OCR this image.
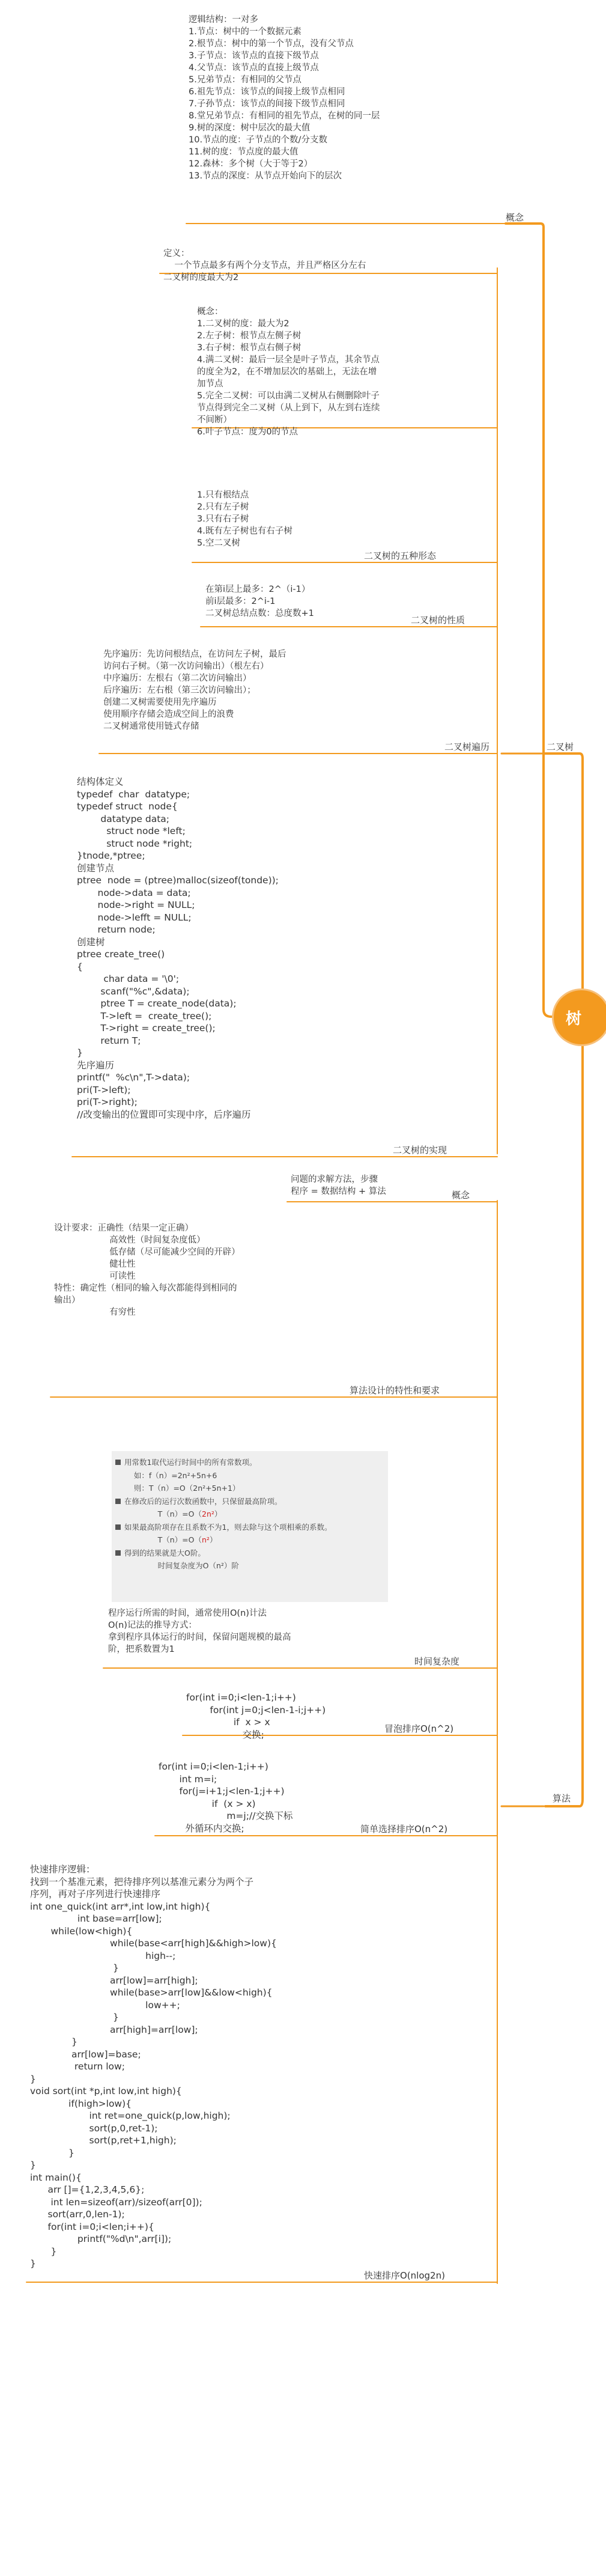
树
概念
二叉树
算法
逻辑结构：一对多
1.节点：树中的一个数据元素
2.根节点：树中的第一个节点，没有父节点
3.子节点：该节点的直接下级节点
4.父节点：该节点的直接上级节点
5.兄弟节点：有相同的父节点
6.祖先节点：该节点的间接上级节点相同
7.子孙节点：该节点的间接下级节点相同
8.堂兄弟节点：有相同的祖先节点，在树的同一层
9.树的深度：树中层次的最大值
10.节点的度：子节点的个数/分支数
11.树的度：节点度的最大值
12.森林：多个树（大于等于2）
13.节点的深度：从节点开始向下的层次
定义：
一个节点最多有两个分支节点，并且严格区分左右
二叉树的度最大为2
概念：
1.二叉树的度：最大为2
2.左子树：根节点左侧子树
3.右子树：根节点右侧子树
4.满二叉树：最后一层全是叶子节点，其余节点
的度全为2，在不增加层次的基础上，无法在增
加节点
5.完全二叉树：可以由满二叉树从右侧删除叶子
节点得到完全二叉树（从上到下，从左到右连续
不间断）
6.叶子节点：度为0的节点
1.只有根结点
2.只有左子树
3.只有右子树
4.既有左子树也有右子树
5.空二叉树
二叉树的五种形态
在第i层上最多：2^（i-1）
前i层最多：2^i-1
二叉树总结点数：总度数+1
二叉树的性质
先序遍历：先访问根结点，在访问左子树，最后
访问右子树。（第一次访问输出）（根左右）
中序遍历：左根右（第二次访问输出）
后序遍历：左右根（第三次访问输出）；
创建二叉树需要使用先序遍历
使用顺序存储会造成空间上的浪费
二叉树通常使用链式存储
二叉树遍历
结构体定义
typedef  char  datatype;
typedef struct  node{
datatype data;
struct node *left;
struct node *right;
}tnode,*ptree;
创建节点
ptree  node = (ptree)malloc(sizeof(tonde));
node->data = data;
node->right = NULL;
node->lefft = NULL;
return node;
创建树
ptree create_tree()
{
char data = '\0';
scanf("%c",&data);
ptree T = create_node(data);
T->left =  create_tree();
T->right = create_tree();
return T;
}
先序遍历
printf("  %c\n",T->data);
pri(T->left);
pri(T->right);
//改变输出的位置即可实现中序，后序遍历
二叉树的实现
问题的求解方法，步骤
程序 = 数据结构 + 算法	概念
设计要求：正确性（结果一定正确）
高效性（时间复杂度低）
低存储（尽可能减少空间的开辟）
健壮性
可读性
特性：确定性（相同的输入每次都能得到相同的
输出）
有穷性
算法设计的特性和要求
用常数1取代运行时间中的所有常数项。
如：f（n）=2n²+5n+6
则：T（n）=O（2n²+5n+1）
在修改后的运行次数函数中，只保留最高阶项。
T（n）=O（2n²）
如果最高阶项存在且系数不为1，则去除与这个项相乘的系数。
T（n）=O（n²）
得到的结果就是大O阶。
时间复杂度为O（n²）阶
程序运行所需的时间，通常使用O(n)计法
O(n)记法的推导方式：
拿到程序具体运行的时间，保留问题规模的最高
阶，把系数置为1
时间复杂度
for(int i=0;i<len-1;i++)
for(int j=0;j<len-1-i;j++)
if  x > x
交换;
冒泡排序O(n^2)
for(int i=0;i<len-1;i++)
int m=i;
for(j=i+1;j<len-1;j++)
if  (x > x)
m=j;//交换下标
外循环内交换;	简单选择排序O(n^2)
快速排序逻辑：
找到一个基准元素，把待排序列以基准元素分为两个子
序列，再对子序列进行快速排序
int one_quick(int arr*,int low,int high){
int base=arr[low];
while(low<high){
while(base<arr[high]&&high>low){
high--;
}
arr[low]=arr[high];
while(base>arr[low]&&low<high){
low++;
}
arr[high]=arr[low];
}
arr[low]=base;
return low;
}
void sort(int *p,int low,int high){
if(high>low){
int ret=one_quick(p,low,high);
sort(p,0,ret-1);
sort(p,ret+1,high);
}
}
int main(){
arr []={1,2,3,4,5,6};
int len=sizeof(arr)/sizeof(arr[0]);
sort(arr,0,len-1);
for(int i=0;i<len;i++){
printf("%d\n",arr[i]);
}
}
快速排序O(nlog2n)
